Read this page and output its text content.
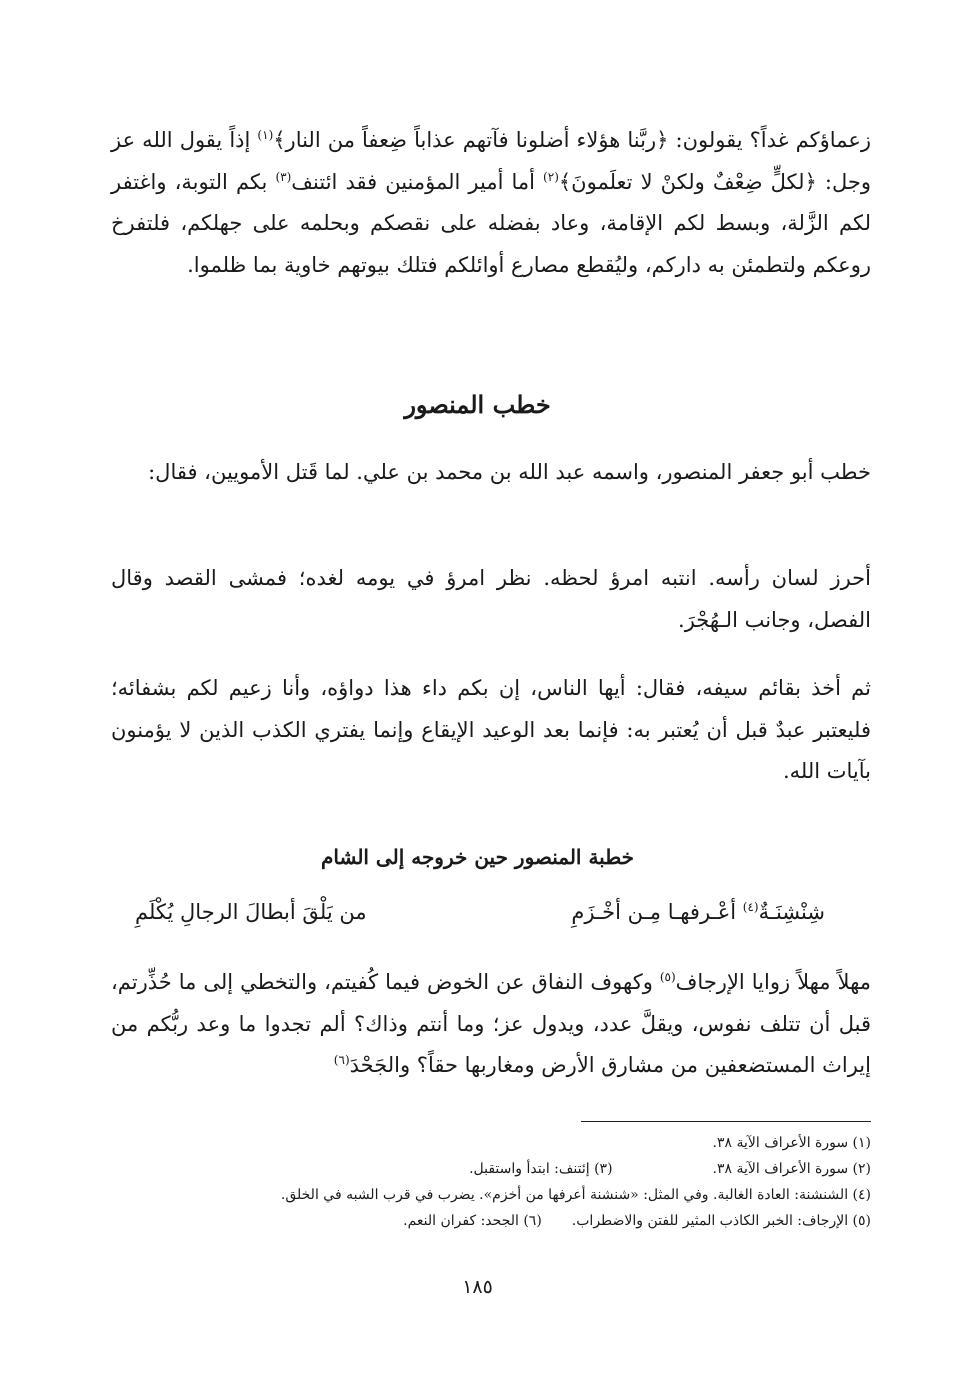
زعماؤكم غداً؟ يقولون: ﴿ربَّنا هؤلاء أضلونا فآتهم عذاباً ضِعفاً من النار﴾$^{(١)}$ إذاً يقول الله عز وجل: ﴿لكلٍّ ضِعْفٌ ولكنْ لا تعلَمونَ﴾$^{(٢)}$ أما أمير المؤمنين فقد ائتنف$^{(٣)}$ بكم التوبة، واغتفر لكم الزَّلة، وبسط لكم الإقامة، وعاد بفضله على نقصكم وبحلمه على جهلكم، فلتفرخ روعكم ولتطمئن به داركم، وليُقطع مصارع أوائلكم فتلك بيوتهم خاوية بما ظلموا.

خطب المنصور

خطب أبو جعفر المنصور، واسمه عبد الله بن محمد بن علي. لما قَتل الأمويين، فقال:

أحرز لسان رأسه. انتبه امرؤ لحظه. نظر امرؤ في يومه لغده؛ فمشى القصد وقال الفصل، وجانب الـهُجْرَ.

ثم أخذ بقائم سيفه، فقال: أيها الناس، إن بكم داء هذا دواؤه، وأنا زعيم لكم بشفائه؛ فليعتبر عبدٌ قبل أن يُعتبر به: فإنما بعد الوعيد الإيقاع وإنما يفتري الكذب الذين لا يؤمنون بآيات الله.

خطبة المنصور حين خروجه إلى الشام
شِنْشِنَـةٌ$^{(٤)}$ أعْـرفهـا مِـن أخْـزَمِ
من يَلْقَ أبطالَ الرجالِ يُكْلَمِ

مهلاً مهلاً زوايا الإرجاف$^{(٥)}$ وكهوف النفاق عن الخوض فيما كُفيتم، والتخطي إلى ما حُذِّرتم، قبل أن تتلف نفوس، ويقلَّ عدد، ويدول عز؛ وما أنتم وذاك؟ ألم تجدوا ما وعد ربُّكم من إيراث المستضعفين من مشارق الأرض ومغاربها حقاً؟ والجَحْدَ$^{(٦)}$

(١) سورة الأعراف الآية ٣٨.
(٢) سورة الأعراف الآية ٣٨.
(٣) إئتنف: ابتدأ واستقبل.
(٤) الشنشنة: العادة الغالبة. وفي المثل: «شنشنة أعرفها من أخزم». يضرب في قرب الشبه في الخلق.
(٥) الإرجاف: الخبر الكاذب المثير للفتن والاضطراب.
(٦) الجحد: كفران النعم.
١٨٥
